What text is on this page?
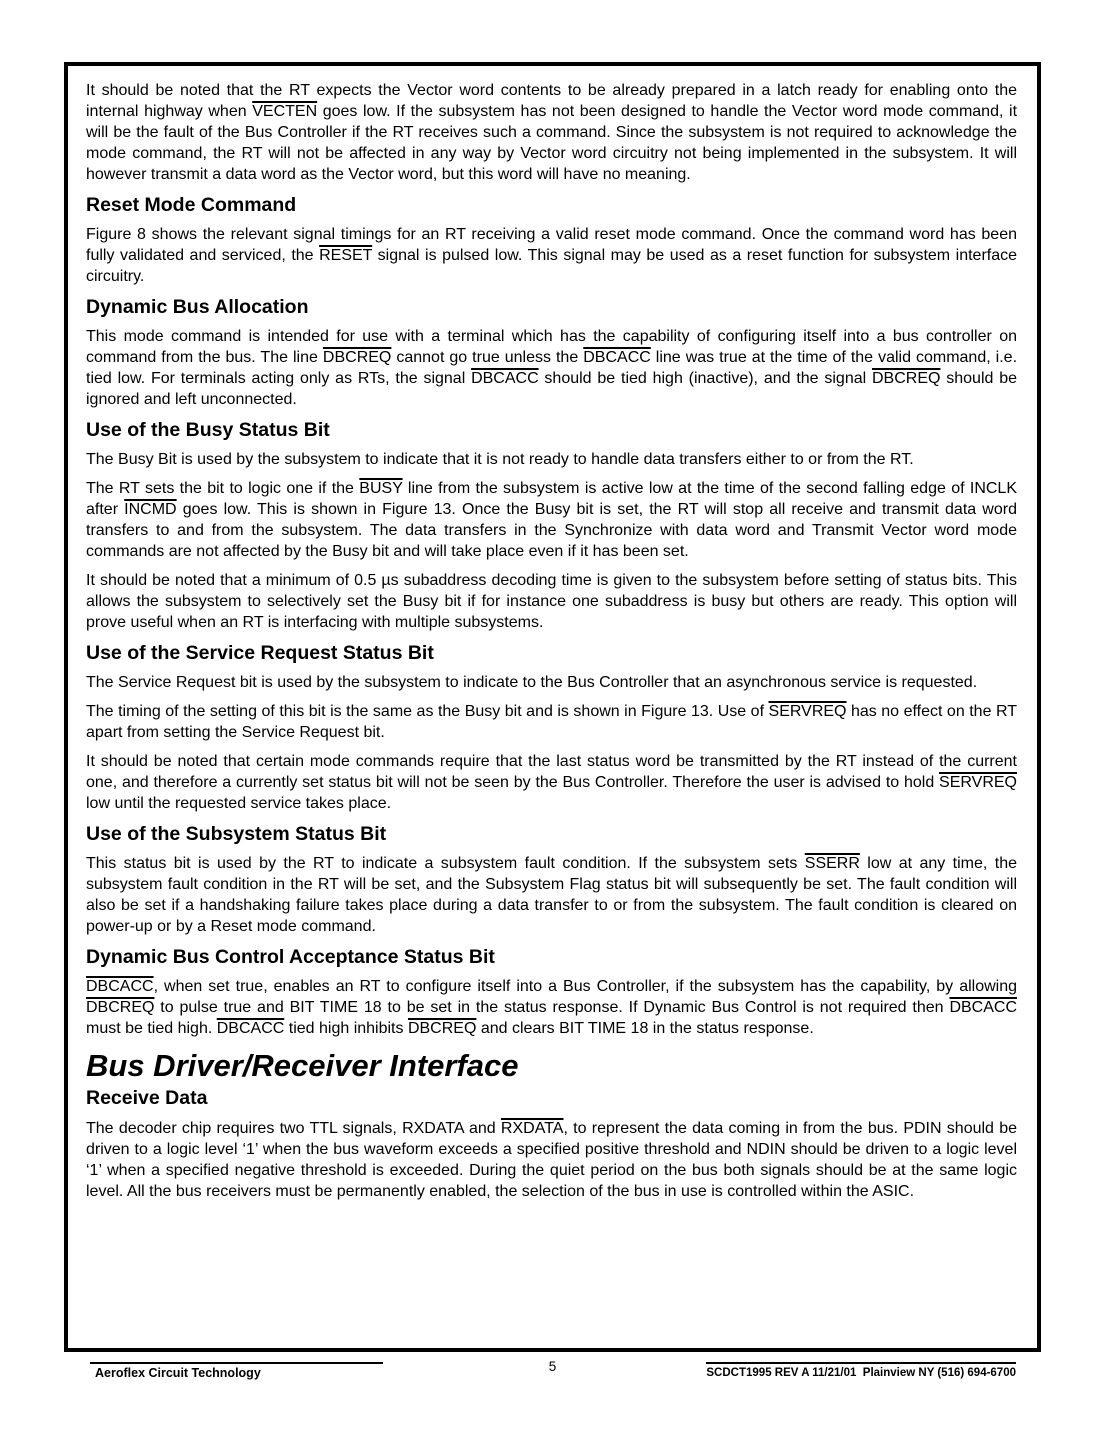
It should be noted that the RT expects the Vector word contents to be already prepared in a latch ready for enabling onto the internal highway when VECTEN goes low. If the subsystem has not been designed to handle the Vector word mode command, it will be the fault of the Bus Controller if the RT receives such a command. Since the subsystem is not required to acknowledge the mode command, the RT will not be affected in any way by Vector word circuitry not being implemented in the subsystem. It will however transmit a data word as the Vector word, but this word will have no meaning.

Reset Mode Command

Figure 8 shows the relevant signal timings for an RT receiving a valid reset mode command. Once the command word has been fully validated and serviced, the RESET signal is pulsed low. This signal may be used as a reset function for subsystem interface circuitry.

Dynamic Bus Allocation

This mode command is intended for use with a terminal which has the capability of configuring itself into a bus controller on command from the bus. The line DBCREQ cannot go true unless the DBCACC line was true at the time of the valid command, i.e. tied low. For terminals acting only as RTs, the signal DBCACC should be tied high (inactive), and the signal DBCREQ should be ignored and left unconnected.

Use of the Busy Status Bit

The Busy Bit is used by the subsystem to indicate that it is not ready to handle data transfers either to or from the RT.

The RT sets the bit to logic one if the BUSY line from the subsystem is active low at the time of the second falling edge of INCLK after INCMD goes low. This is shown in Figure 13. Once the Busy bit is set, the RT will stop all receive and transmit data word transfers to and from the subsystem. The data transfers in the Synchronize with data word and Transmit Vector word mode commands are not affected by the Busy bit and will take place even if it has been set.

It should be noted that a minimum of 0.5 µs subaddress decoding time is given to the subsystem before setting of status bits. This allows the subsystem to selectively set the Busy bit if for instance one subaddress is busy but others are ready. This option will prove useful when an RT is interfacing with multiple subsystems.

Use of the Service Request Status Bit

The Service Request bit is used by the subsystem to indicate to the Bus Controller that an asynchronous service is requested.

The timing of the setting of this bit is the same as the Busy bit and is shown in Figure 13. Use of SERVREQ has no effect on the RT apart from setting the Service Request bit.

It should be noted that certain mode commands require that the last status word be transmitted by the RT instead of the current one, and therefore a currently set status bit will not be seen by the Bus Controller. Therefore the user is advised to hold SERVREQ low until the requested service takes place.

Use of the Subsystem Status Bit

This status bit is used by the RT to indicate a subsystem fault condition. If the subsystem sets SSERR low at any time, the subsystem fault condition in the RT will be set, and the Subsystem Flag status bit will subsequently be set. The fault condition will also be set if a handshaking failure takes place during a data transfer to or from the subsystem. The fault condition is cleared on power-up or by a Reset mode command.

Dynamic Bus Control Acceptance Status Bit

DBCACC, when set true, enables an RT to configure itself into a Bus Controller, if the subsystem has the capability, by allowing DBCREQ to pulse true and BIT TIME 18 to be set in the status response. If Dynamic Bus Control is not required then DBCACC must be tied high. DBCACC tied high inhibits DBCREQ and clears BIT TIME 18 in the status response.

Bus Driver/Receiver Interface
Receive Data

The decoder chip requires two TTL signals, RXDATA and RXDATA, to represent the data coming in from the bus. PDIN should be driven to a logic level ‘1’ when the bus waveform exceeds a specified positive threshold and NDIN should be driven to a logic level ‘1’ when a specified negative threshold is exceeded. During the quiet period on the bus both signals should be at the same logic level. All the bus receivers must be permanently enabled, the selection of the bus in use is controlled within the ASIC.

Aeroflex Circuit Technology	5	SCDCT1995 REV A 11/21/01  Plainview NY (516) 694-6700
